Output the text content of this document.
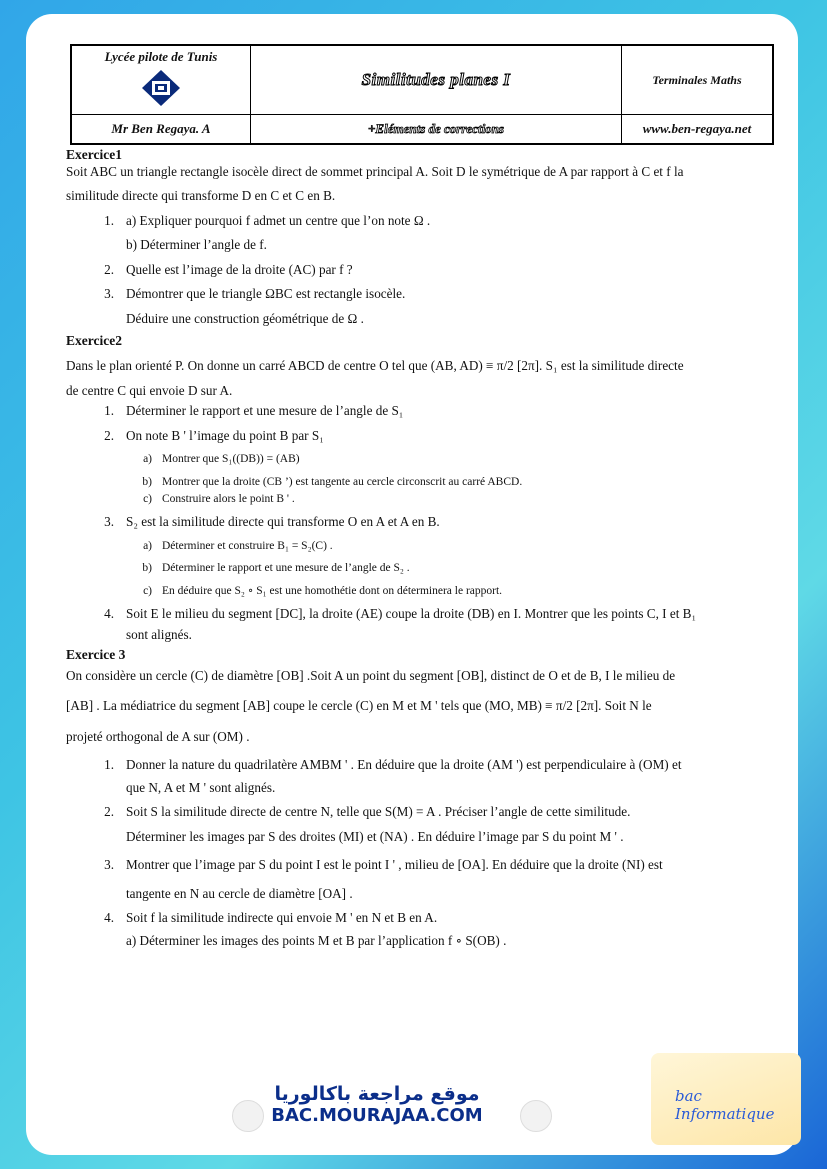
Lycée pilote de Tunis	Similitudes planes I	Terminales Maths
Mr Ben Regaya. A	+Eléments de corrections	www.ben-regaya.net
Exercice1

Soit ABC un triangle rectangle isocèle direct de sommet principal A. Soit D le symétrique de A par rapport à C et f la

similitude directe qui transforme D en C et C en B.

1. a) Expliquer pourquoi f admet un centre que l’on note Ω .
b) Déterminer l’angle de f.
2. Quelle est l’image de la droite (AC) par f ?
3. Démontrer que le triangle ΩBC est rectangle isocèle.
Déduire une construction géométrique de Ω .
Exercice2

Dans le plan orienté P. On donne un carré ABCD de centre O tel que (AB, AD) ≡ π/2 [2π]. S₁ est la similitude directe

de centre C qui envoie D sur A.

1. Déterminer le rapport et une mesure de l’angle de S₁
2. On note B ' l’image du point B par S₁
a) Montrer que S₁((DB)) = (AB)
b) Montrer que la droite (CB ’) est tangente au cercle circonscrit au carré ABCD.
c) Construire alors le point B ' .
3. S₂ est la similitude directe qui transforme O en A et A en B.
a) Déterminer et construire B₁ = S₂(C) .
b) Déterminer le rapport et une mesure de l’angle de S₂ .
c) En déduire que S₂ ∘ S₁ est une homothétie dont on déterminera le rapport.
4. Soit E le milieu du segment [DC], la droite (AE) coupe la droite (DB) en I. Montrer que les points C, I et B₁
sont alignés.
Exercice 3

On considère un cercle (C) de diamètre [OB] .Soit A un point du segment [OB], distinct de O et de B, I le milieu de

[AB] . La médiatrice du segment [AB] coupe le cercle (C) en M et M ' tels que (MO, MB) ≡ π/2 [2π]. Soit N le

projeté orthogonal de A sur (OM) .

1. Donner la nature du quadrilatère AMBM ' . En déduire que la droite (AM ') est perpendiculaire à (OM) et
que N, A et M ' sont alignés.
2. Soit S la similitude directe de centre N, telle que S(M) = A . Préciser l’angle de cette similitude.
Déterminer les images par S des droites (MI) et (NA) . En déduire l’image par S du point M ' .
3. Montrer que l’image par S du point I est le point I ' , milieu de [OA]. En déduire que la droite (NI) est
tangente en N au cercle de diamètre [OA] .
4. Soit f la similitude indirecte qui envoie M ' en N et B en A.
a) Déterminer les images des points M et B par l’application f ∘ S(OB) .
موقع مراجعة باكالوريا
BAC.MOURAJAA.COM
bac Informatique
